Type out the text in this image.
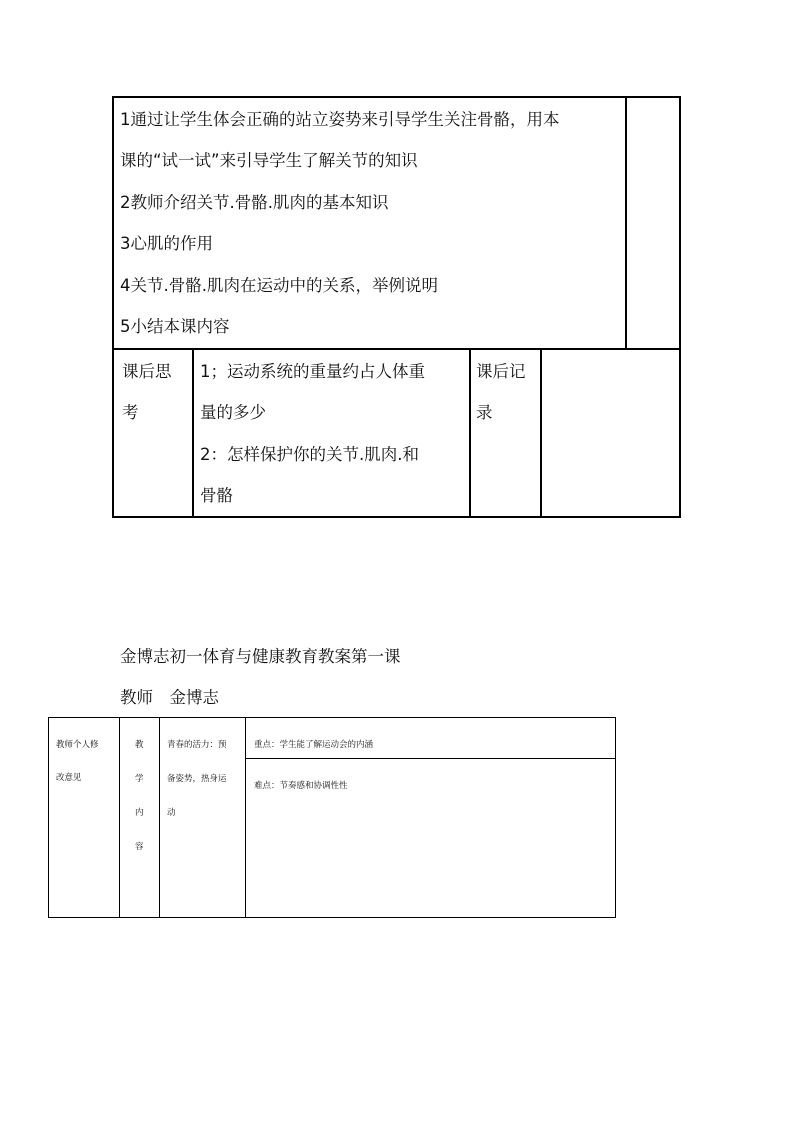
1通过让学生体会正确的站立姿势来引导学生关注骨骼，用本
课的“试一试”来引导学生了解关节的知识
2教师介绍关节.骨骼.肌肉的基本知识
3心肌的作用
4关节.骨骼.肌肉在运动中的关系，举例说明
5小结本课内容
课后思
考
1；运动系统的重量约占人体重
量的多少
2：怎样保护你的关节.肌肉.和
骨骼
课后记
录
金博志初一体育与健康教育教案第一课
教师　金博志
教师个人修
改意见
教
学
内
容
青春的活力：预
备姿势，热身运
动
重点：学生能了解运动会的内涵
难点：节奏感和协调性性
